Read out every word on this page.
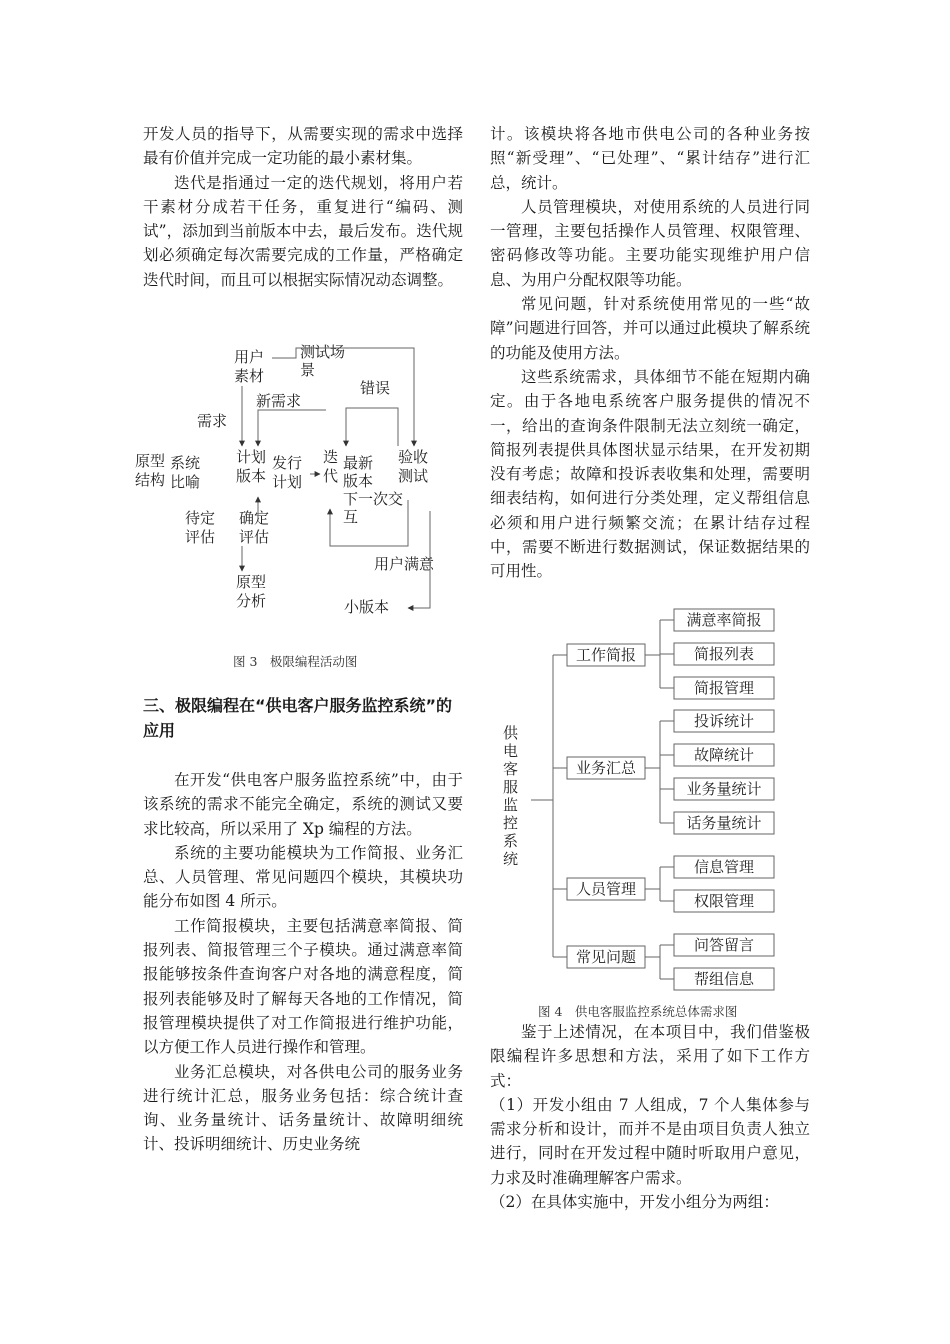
开发人员的指导下，从需要实现的需求中选择最有价值并完成一定功能的最小素材集。

迭代是指通过一定的迭代规划，将用户若干素材分成若干任务，重复进行“编码、测试”，添加到当前版本中去，最后发布。迭代规划必须确定每次需要完成的工作量，严格确定迭代时间，而且可以根据实际情况动态调整。

用户
素材
测试场
景
新需求
错误
需求
原型
结构
系统
比喻
计划
版本
发行
计划
迭
代
最新
版本
下一次交
互
验收
测试
待定
评估
确定
评估
原型
分析
用户满意
小版本
图 3　极限编程活动图
三、极限编程在“供电客户服务监控系统”的应用

在开发“供电客户服务监控系统”中，由于该系统的需求不能完全确定，系统的测试又要求比较高，所以采用了 Xp 编程的方法。

系统的主要功能模块为工作简报、业务汇总、人员管理、常见问题四个模块，其模块功能分布如图 4 所示。

工作简报模块，主要包括满意率简报、简报列表、简报管理三个子模块。通过满意率简报能够按条件查询客户对各地的满意程度，简报列表能够及时了解每天各地的工作情况，简报管理模块提供了对工作简报进行维护功能，以方便工作人员进行操作和管理。

业务汇总模块，对各供电公司的服务业务进行统计汇总，服务业务包括：综合统计查询、业务量统计、话务量统计、故障明细统计、投诉明细统计、历史业务统

计。该模块将各地市供电公司的各种业务按照“新受理”、“已处理”、“累计结存”进行汇总，统计。

人员管理模块，对使用系统的人员进行同一管理，主要包括操作人员管理、权限管理、密码修改等功能。主要功能实现维护用户信息、为用户分配权限等功能。

常见问题，针对系统使用常见的一些“故障”问题进行回答，并可以通过此模块了解系统的功能及使用方法。

这些系统需求，具体细节不能在短期内确定。由于各地电系统客户服务提供的情况不一，给出的查询条件限制无法立刻统一确定，简报列表提供具体图状显示结果，在开发初期没有考虑；故障和投诉表收集和处理，需要明细表结构，如何进行分类处理，定义帮组信息必须和用户进行频繁交流；在累计结存过程中，需要不断进行数据测试，保证数据结果的可用性。

供
电
客
服
监
控
系
统
工作简报
满意率简报
简报列表
简报管理
业务汇总
投诉统计
故障统计
业务量统计
话务量统计
人员管理
信息管理
权限管理
常见问题
问答留言
帮组信息
图 4　供电客服监控系统总体需求图

鉴于上述情况，在本项目中，我们借鉴极限编程许多思想和方法，采用了如下工作方式：

（1）开发小组由 7 人组成，7 个人集体参与需求分析和设计，而并不是由项目负责人独立进行，同时在开发过程中随时听取用户意见，力求及时准确理解客户需求。

（2）在具体实施中，开发小组分为两组：
